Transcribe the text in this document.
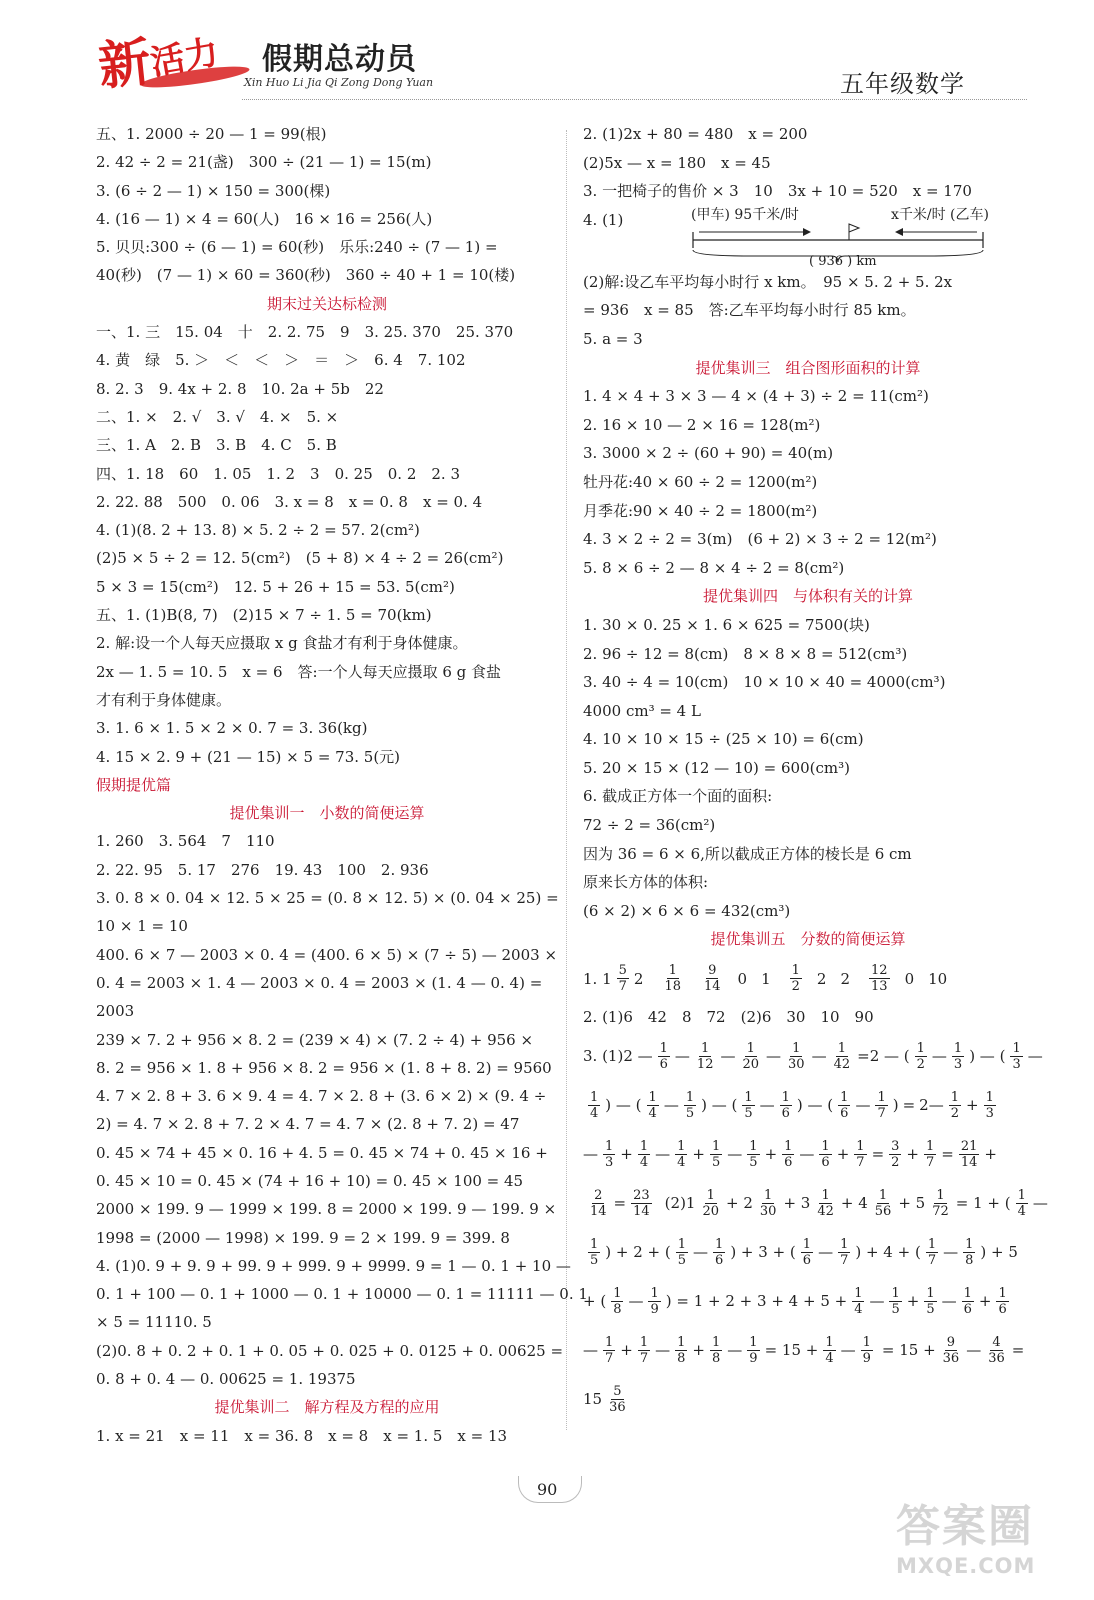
新
活力 假期总动员
Xin Huo Li Jia Qi Zong Dong Yuan	五年级数学
五、1. 2000 ÷ 20 — 1 = 99(根)
2. 42 ÷ 2 = 21(盏)　300 ÷ (21 — 1) = 15(m)
3. (6 ÷ 2 — 1) × 150 = 300(棵)
4. (16 — 1) × 4 = 60(人)　16 × 16 = 256(人)
5. 贝贝:300 ÷ (6 — 1) = 60(秒)　乐乐:240 ÷ (7 — 1) =
40(秒)　(7 — 1) × 60 = 360(秒)　360 ÷ 40 + 1 = 10(楼)
期末过关达标检测
一、1. 三　15. 04　十　2. 2. 75　9　3. 25. 370　25. 370
4. 黄　绿　5. ＞　＜　＜　＞　＝　＞　6. 4　7. 102
8. 2. 3　9. 4x + 2. 8　10. 2a + 5b　22
二、1. ×　2. √　3. √　4. ×　5. ×
三、1. A　2. B　3. B　4. C　5. B
四、1. 18　60　1. 05　1. 2　3　0. 25　0. 2　2. 3
2. 22. 88　500　0. 06　3. x = 8　x = 0. 8　x = 0. 4
4. (1)(8. 2 + 13. 8) × 5. 2 ÷ 2 = 57. 2(cm²)
(2)5 × 5 ÷ 2 = 12. 5(cm²)　(5 + 8) × 4 ÷ 2 = 26(cm²)
5 × 3 = 15(cm²)　12. 5 + 26 + 15 = 53. 5(cm²)
五、1. (1)B(8, 7)　(2)15 × 7 ÷ 1. 5 = 70(km)
2. 解:设一个人每天应摄取 x g 食盐才有利于身体健康。
2x — 1. 5 = 10. 5　x = 6　答:一个人每天应摄取 6 g 食盐
才有利于身体健康。
3. 1. 6 × 1. 5 × 2 × 0. 7 = 3. 36(kg)
4. 15 × 2. 9 + (21 — 15) × 5 = 73. 5(元)
假期提优篇
提优集训一　小数的简便运算
1. 260　3. 564　7　110
2. 22. 95　5. 17　276　19. 43　100　2. 936
3. 0. 8 × 0. 04 × 12. 5 × 25 = (0. 8 × 12. 5) × (0. 04 × 25) =
10 × 1 = 10
400. 6 × 7 — 2003 × 0. 4 = (400. 6 × 5) × (7 ÷ 5) — 2003 ×
0. 4 = 2003 × 1. 4 — 2003 × 0. 4 = 2003 × (1. 4 — 0. 4) =
2003
239 × 7. 2 + 956 × 8. 2 = (239 × 4) × (7. 2 ÷ 4) + 956 ×
8. 2 = 956 × 1. 8 + 956 × 8. 2 = 956 × (1. 8 + 8. 2) = 9560
4. 7 × 2. 8 + 3. 6 × 9. 4 = 4. 7 × 2. 8 + (3. 6 × 2) × (9. 4 ÷
2) = 4. 7 × 2. 8 + 7. 2 × 4. 7 = 4. 7 × (2. 8 + 7. 2) = 47
0. 45 × 74 + 45 × 0. 16 + 4. 5 = 0. 45 × 74 + 0. 45 × 16 +
0. 45 × 10 = 0. 45 × (74 + 16 + 10) = 0. 45 × 100 = 45
2000 × 199. 9 — 1999 × 199. 8 = 2000 × 199. 9 — 199. 9 ×
1998 = (2000 — 1998) × 199. 9 = 2 × 199. 9 = 399. 8
4. (1)0. 9 + 9. 9 + 99. 9 + 999. 9 + 9999. 9 = 1 — 0. 1 + 10 —
0. 1 + 100 — 0. 1 + 1000 — 0. 1 + 10000 — 0. 1 = 11111 — 0. 1
× 5 = 11110. 5
(2)0. 8 + 0. 2 + 0. 1 + 0. 05 + 0. 025 + 0. 0125 + 0. 00625 =
0. 8 + 0. 4 — 0. 00625 = 1. 19375
提优集训二　解方程及方程的应用
1. x = 21　x = 11　x = 36. 8　x = 8　x = 1. 5　x = 13
2. (1)2x + 80 = 480　x = 200
(2)5x — x = 180　x = 45
3. 一把椅子的售价 × 3　10　3x + 10 = 520　x = 170
4. (1)	(甲车) 95千米/时	x千米/时 (乙车)
( 936 ) km
(2)解:设乙车平均每小时行 x km。　95 × 5. 2 + 5. 2x
= 936　x = 85　答:乙车平均每小时行 85 km。
5. a = 3
提优集训三　组合图形面积的计算
1. 4 × 4 + 3 × 3 — 4 × (4 + 3) ÷ 2 = 11(cm²)
2. 16 × 10 — 2 × 16 = 128(m²)
3. 3000 × 2 ÷ (60 + 90) = 40(m)
牡丹花:40 × 60 ÷ 2 = 1200(m²)
月季花:90 × 40 ÷ 2 = 1800(m²)
4. 3 × 2 ÷ 2 = 3(m)　(6 + 2) × 3 ÷ 2 = 12(m²)
5. 8 × 6 ÷ 2 — 8 × 4 ÷ 2 = 8(cm²)
提优集训四　与体积有关的计算
1. 30 × 0. 25 × 1. 6 × 625 = 7500(块)
2. 96 ÷ 12 = 8(cm)　8 × 8 × 8 = 512(cm³)
3. 40 ÷ 4 = 10(cm)　10 × 10 × 40 = 4000(cm³)
4000 cm³ = 4 L
4. 10 × 10 × 15 ÷ (25 × 10) = 6(cm)
5. 20 × 15 × (12 — 10) = 600(cm³)
6. 截成正方体一个面的面积:
72 ÷ 2 = 36(cm²)
因为 36 = 6 × 6,所以截成正方体的棱长是 6 cm
原来长方体的体积:
(6 × 2) × 6 × 6 = 432(cm³)
提优集训五　分数的简便运算
1. $1 \frac{5}{7} 2 \frac{1}{18} \frac{9}{14} 0$ $1 \frac{1}{2} 2$ $2 \frac{12}{13} 0$ 10
2. (1)6　42　8　72　(2)6　30　10　90
3. (1)2 — $\frac{1}{6}$ — $\frac{1}{12}$ — $\frac{1}{20}$ — $\frac{1}{30}$ — $\frac{1}{42} = 2$ — ( $\frac{1}{2}$ — $\frac{1}{3}$ ) — ( $\frac{1}{3}$ —
$\frac{1}{4}$ ) — ( $\frac{1}{4}$ — $\frac{1}{5}$ ) — ( $\frac{1}{5}$ — $\frac{1}{6}$ ) — ( $\frac{1}{6}$ — $\frac{1}{7}$ ) = 2 — $\frac{1}{2} + \frac{1}{3}$
— $\frac{1}{3} + \frac{1}{4}$ — $\frac{1}{4} + \frac{1}{5}$ — $\frac{1}{5} + \frac{1}{6}$ — $\frac{1}{6} + \frac{1}{7} = \frac{3}{2} + \frac{1}{7} = \frac{21}{14}$ +
$\frac{2}{14} = \frac{23}{14} (2)1 \frac{1}{20} + 2 \frac{1}{30} + 3 \frac{1}{42} + 4 \frac{1}{56} + 5 \frac{1}{72} = 1$ + ( $\frac{1}{4}$ —
$\frac{1}{5}$ ) + 2 + ( $\frac{1}{5}$ — $\frac{1}{6}$ ) + 3 + ( $\frac{1}{6}$ — $\frac{1}{7}$ ) + 4 + ( $\frac{1}{7}$ — $\frac{1}{8}$ ) + 5
+ ( $\frac{1}{8}$ — $\frac{1}{9}$ ) = $1 + 2 + 3 + 4 + 5 + \frac{1}{4}$ — $\frac{1}{5} + \frac{1}{5}$ — $\frac{1}{6} + \frac{1}{6}$
— $\frac{1}{7} + \frac{1}{7}$ — $\frac{1}{8} + \frac{1}{8}$ — $\frac{1}{9} = 15 + \frac{1}{4}$ — $\frac{1}{9} = 15 + \frac{9}{36}$ — $\frac{4}{36}$ =
$15 \frac{5}{36}$
90
答案圈
MXQE.COM
